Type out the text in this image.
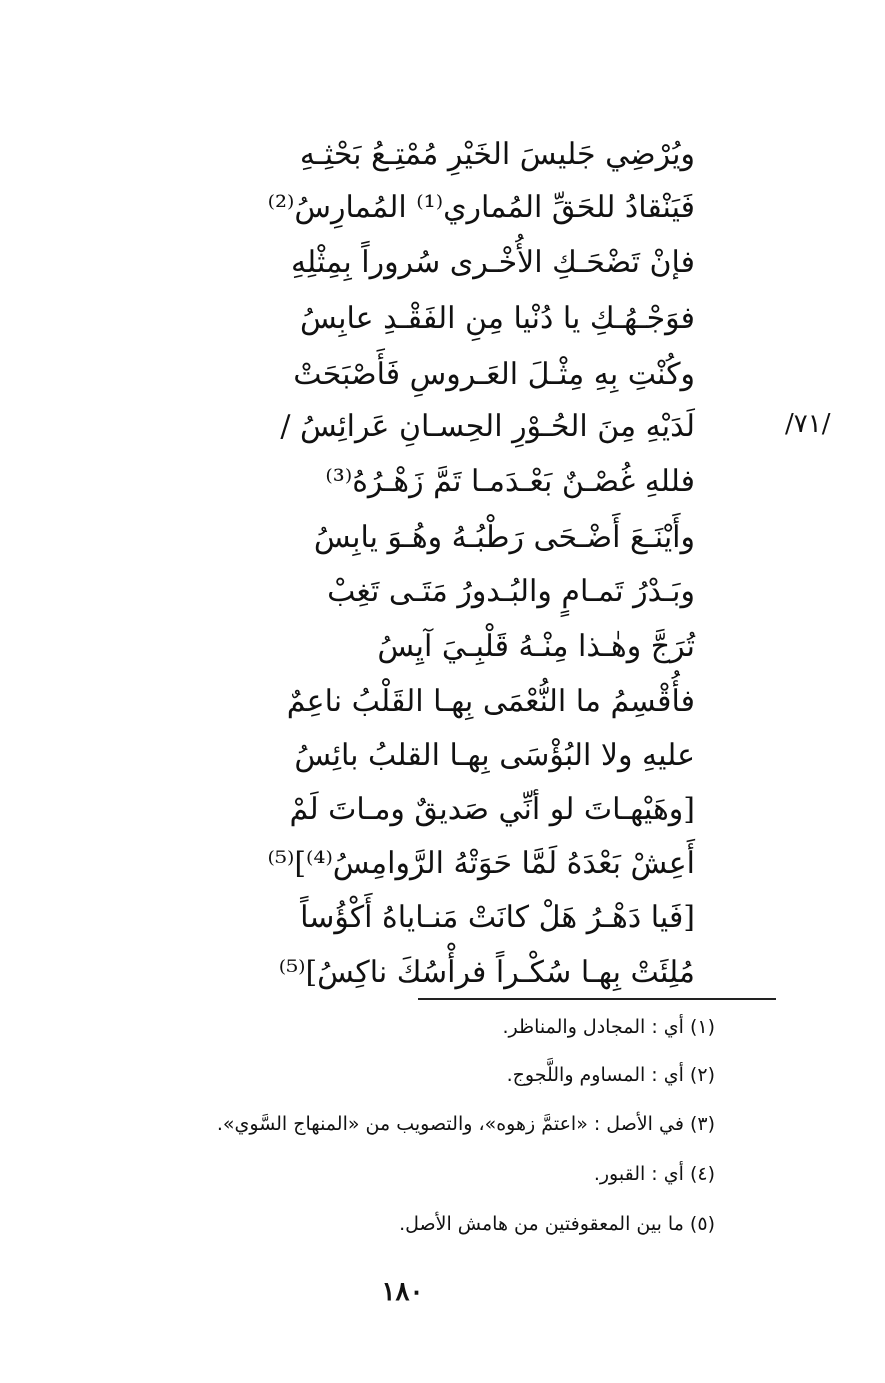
/٧١/
ويُرْضِي جَليسَ الخَيْرِ مُمْتِـعُ بَحْثِـهِ
فَيَنْقادُ للحَقِّ المُماري⁽¹⁾ المُمارِسُ⁽²⁾
فإنْ تَضْحَـكِ الأُخْـرى سُروراً بِمِثْلِهِ
فوَجْـهُـكِ يا دُنْيا مِنِ الفَقْـدِ عابِسُ
وكُنْتِ بِهِ مِثْـلَ العَـروسِ فَأَصْبَحَتْ
لَدَيْهِ مِنَ الحُـوْرِ الحِسـانِ عَرائِسُ /
فللهِ غُصْـنٌ بَعْـدَمـا تَمَّ زَهْـرُهُ⁽³⁾
وأَيْنَـعَ أَضْـحَى رَطْبُـهُ وهُـوَ يابِسُ
وبَـدْرُ تَمـامٍ والبُـدورُ مَتَـى تَغِبْ
تُرَجَّ وهٰـذا مِنْـهُ قَلْبِـيَ آيِسُ
فأُقْسِمُ ما النُّعْمَى بِهـا القَلْبُ ناعِمٌ
عليهِ ولا البُؤْسَى بِهـا القلبُ بائِسُ
[وهَيْهـاتَ لو أنِّي صَديقٌ ومـاتَ لَمْ
أَعِشْ بَعْدَهُ لَمَّا حَوَتْهُ الرَّوامِسُ⁽⁴⁾]⁽⁵⁾
[فَيا دَهْـرُ هَلْ كانَتْ مَنـاياهُ أَكْؤُساً
مُلِئَتْ بِهـا سُكْـراً فرأْسُكَ ناكِسُ]⁽⁵⁾
(١) أي : المجادل والمناظر.
(٢) أي : المساوم واللَّجوج.
(٣) في الأصل : «اعتمَّ زهوه»، والتصويب من «المنهاج السَّوي».
(٤) أي : القبور.
(٥) ما بين المعقوفتين من هامش الأصل.
١٨٠
